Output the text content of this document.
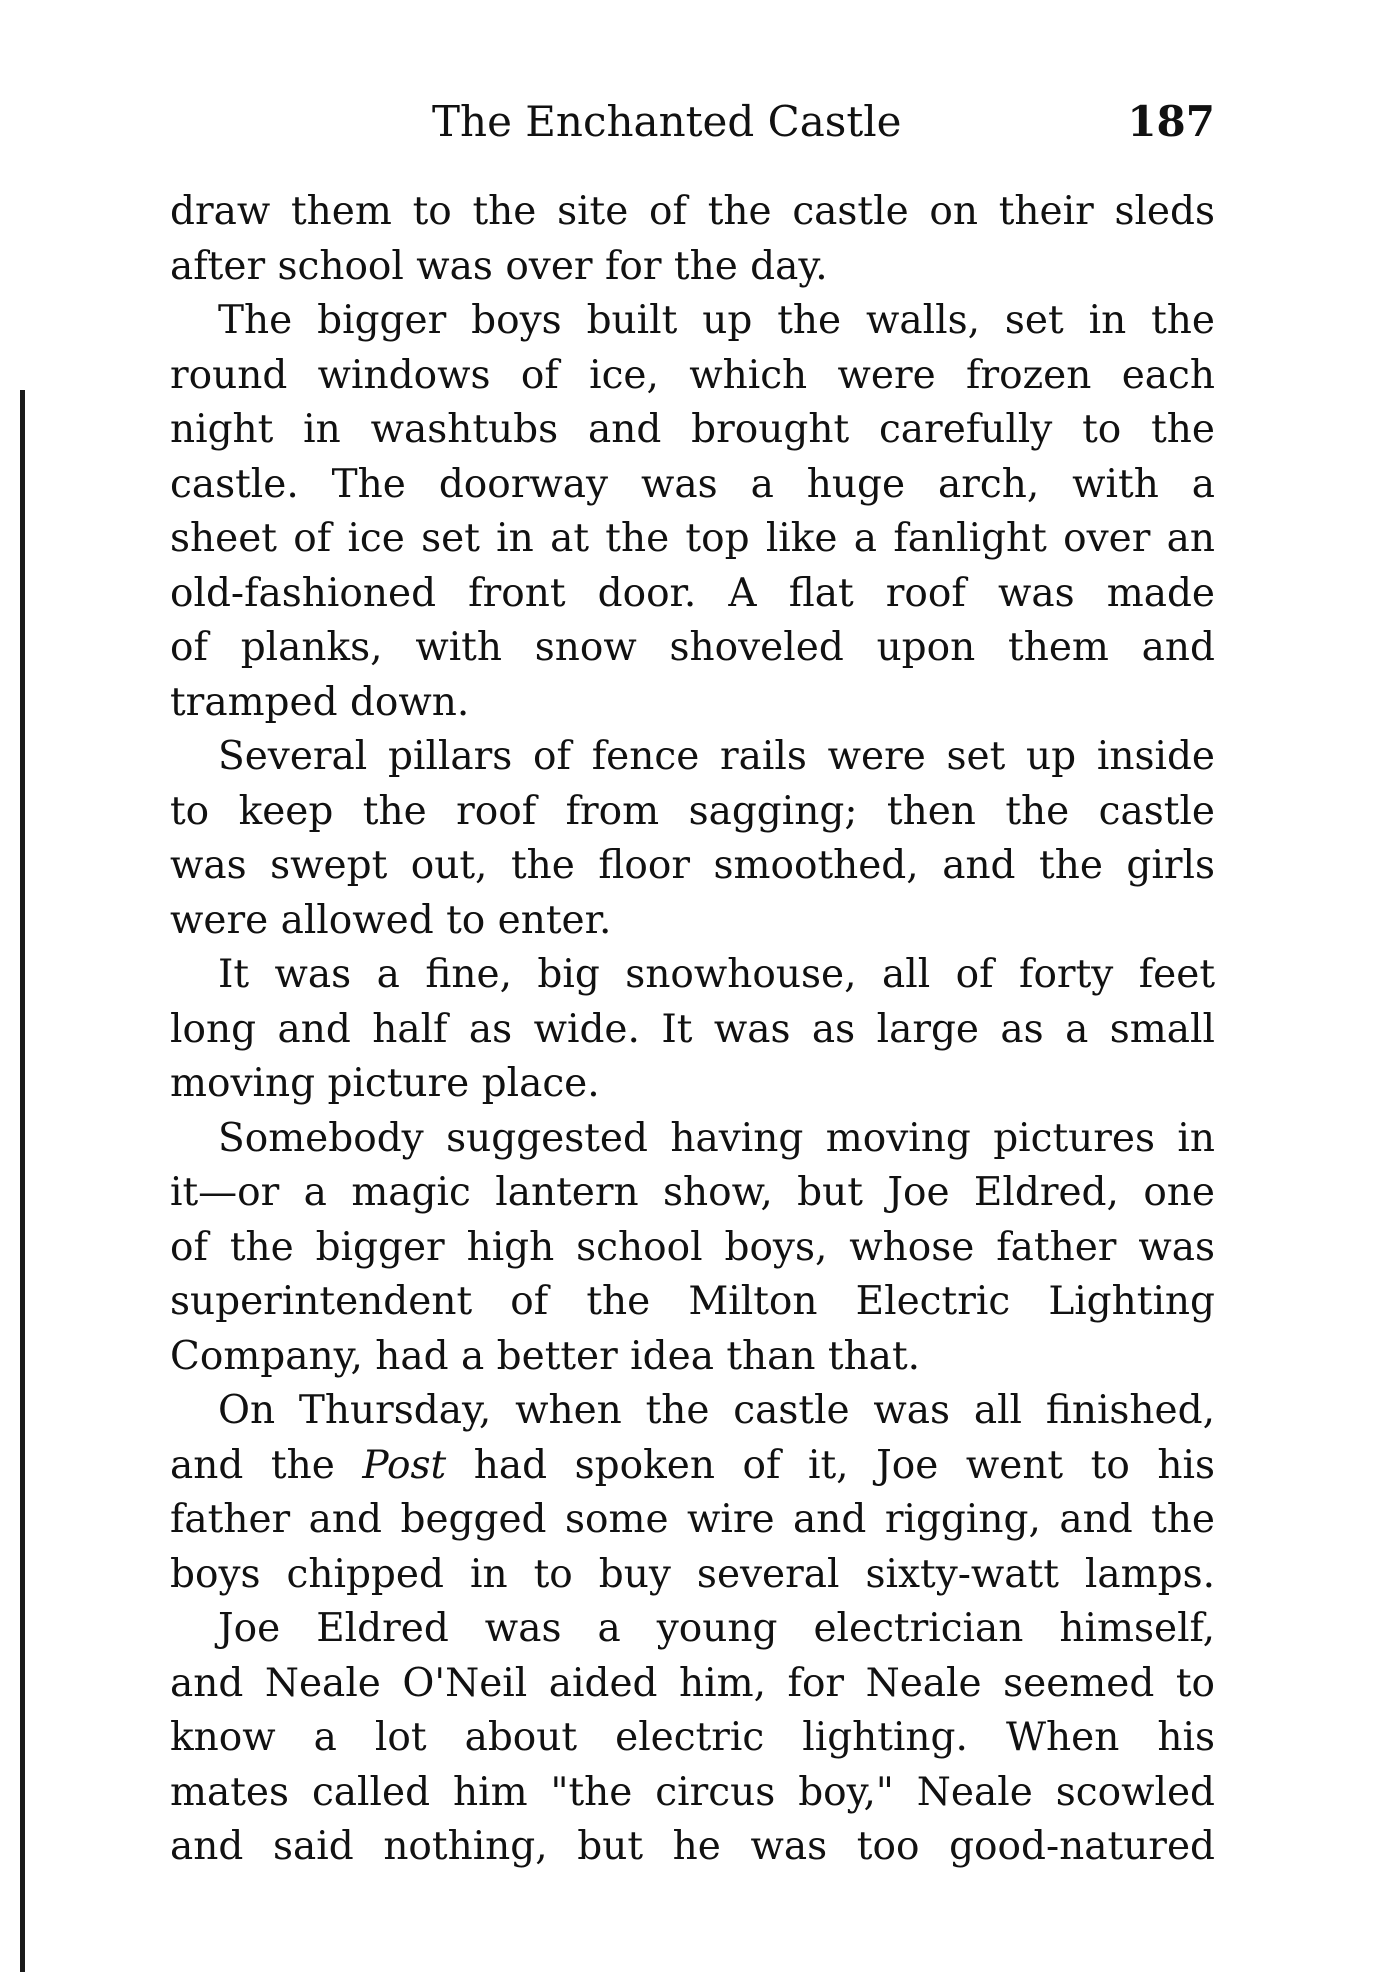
The Enchanted Castle	187
draw them to the site of the castle on their sleds
after school was over for the day.
The bigger boys built up the walls, set in the
round windows of ice, which were frozen each
night in washtubs and brought carefully to the
castle. The doorway was a huge arch, with a
sheet of ice set in at the top like a fanlight over an
old-fashioned front door. A flat roof was made
of planks, with snow shoveled upon them and
tramped down.
Several pillars of fence rails were set up inside
to keep the roof from sagging; then the castle
was swept out, the floor smoothed, and the girls
were allowed to enter.
It was a fine, big snowhouse, all of forty feet
long and half as wide. It was as large as a small
moving picture place.
Somebody suggested having moving pictures in
it—or a magic lantern show, but Joe Eldred, one
of the bigger high school boys, whose father was
superintendent of the Milton Electric Lighting
Company, had a better idea than that.
On Thursday, when the castle was all finished,
and the Post had spoken of it, Joe went to his
father and begged some wire and rigging, and the
boys chipped in to buy several sixty-watt lamps.
Joe Eldred was a young electrician himself,
and Neale O'Neil aided him, for Neale seemed to
know a lot about electric lighting. When his
mates called him "the circus boy," Neale scowled
and said nothing, but he was too good-natured
